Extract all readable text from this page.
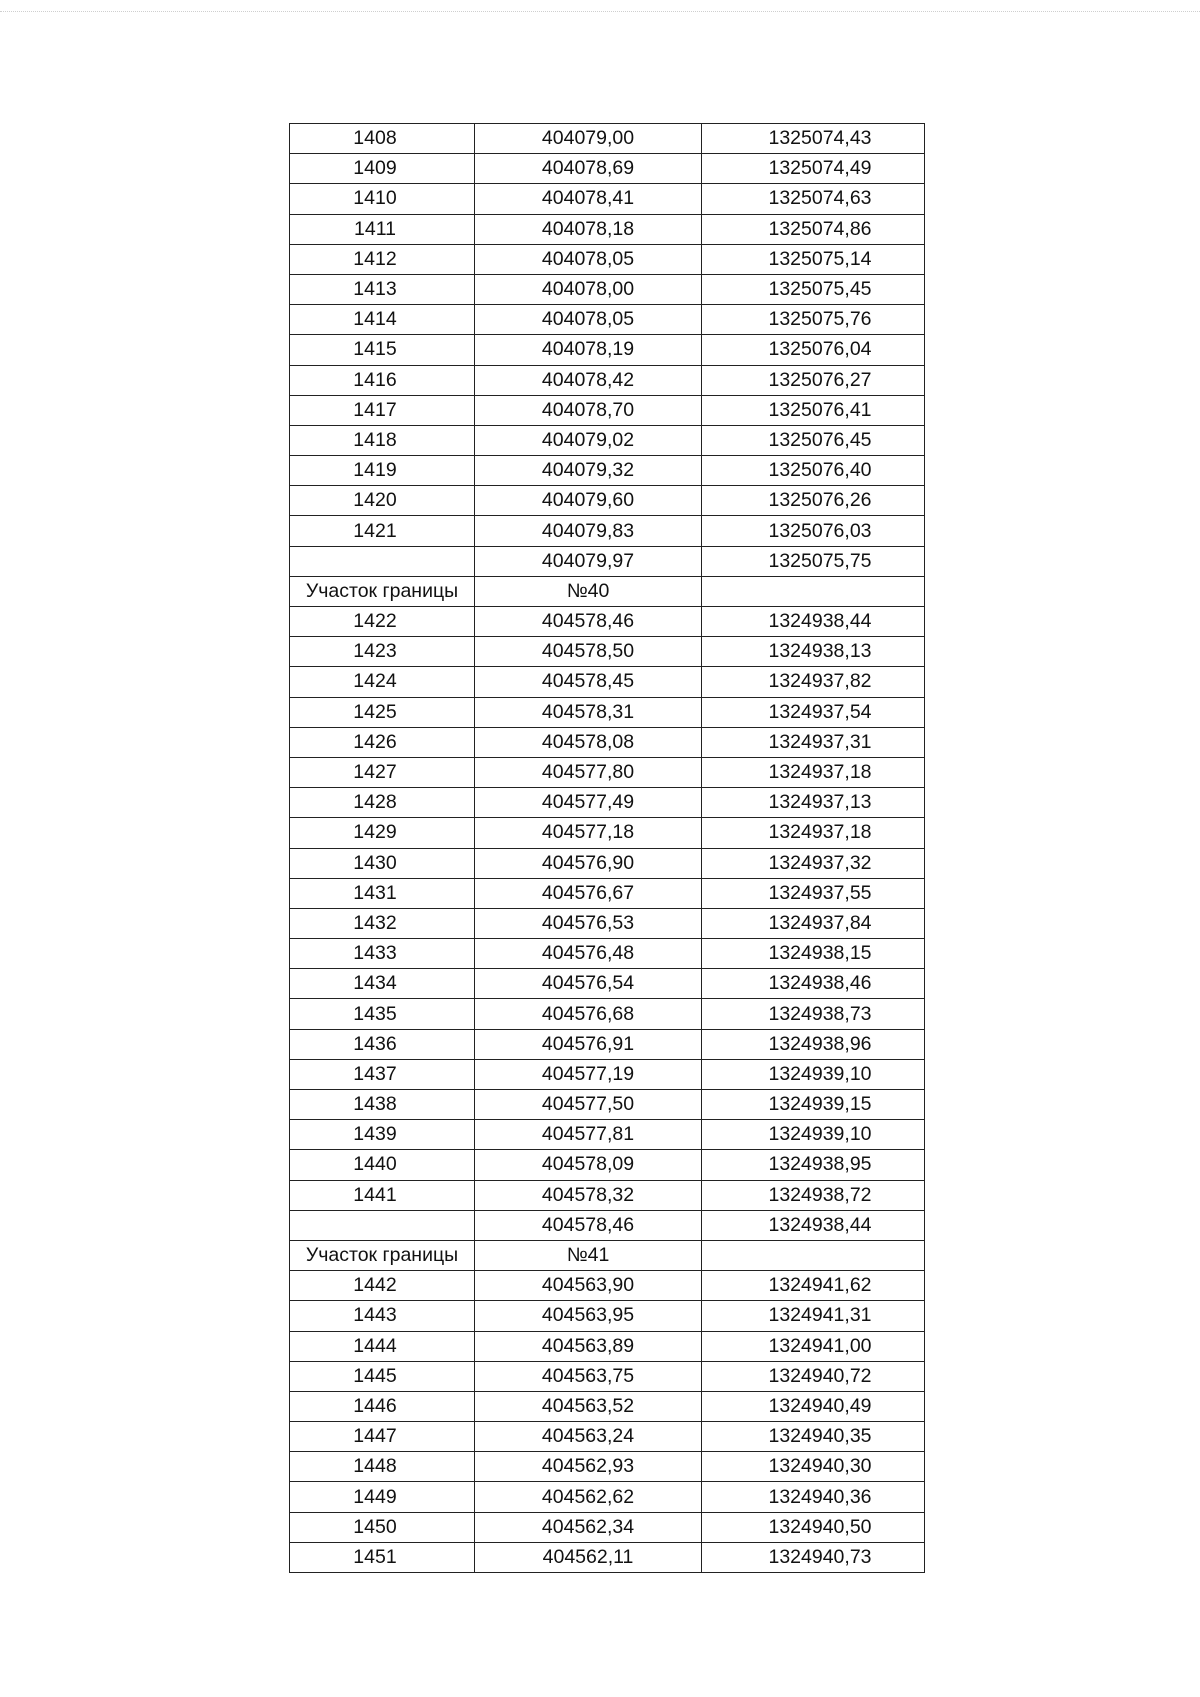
1408	404079,00	1325074,43
1409	404078,69	1325074,49
1410	404078,41	1325074,63
1411	404078,18	1325074,86
1412	404078,05	1325075,14
1413	404078,00	1325075,45
1414	404078,05	1325075,76
1415	404078,19	1325076,04
1416	404078,42	1325076,27
1417	404078,70	1325076,41
1418	404079,02	1325076,45
1419	404079,32	1325076,40
1420	404079,60	1325076,26
1421	404079,83	1325076,03
	404079,97	1325075,75
Участок границы	№40	
1422	404578,46	1324938,44
1423	404578,50	1324938,13
1424	404578,45	1324937,82
1425	404578,31	1324937,54
1426	404578,08	1324937,31
1427	404577,80	1324937,18
1428	404577,49	1324937,13
1429	404577,18	1324937,18
1430	404576,90	1324937,32
1431	404576,67	1324937,55
1432	404576,53	1324937,84
1433	404576,48	1324938,15
1434	404576,54	1324938,46
1435	404576,68	1324938,73
1436	404576,91	1324938,96
1437	404577,19	1324939,10
1438	404577,50	1324939,15
1439	404577,81	1324939,10
1440	404578,09	1324938,95
1441	404578,32	1324938,72
	404578,46	1324938,44
Участок границы	№41	
1442	404563,90	1324941,62
1443	404563,95	1324941,31
1444	404563,89	1324941,00
1445	404563,75	1324940,72
1446	404563,52	1324940,49
1447	404563,24	1324940,35
1448	404562,93	1324940,30
1449	404562,62	1324940,36
1450	404562,34	1324940,50
1451	404562,11	1324940,73
